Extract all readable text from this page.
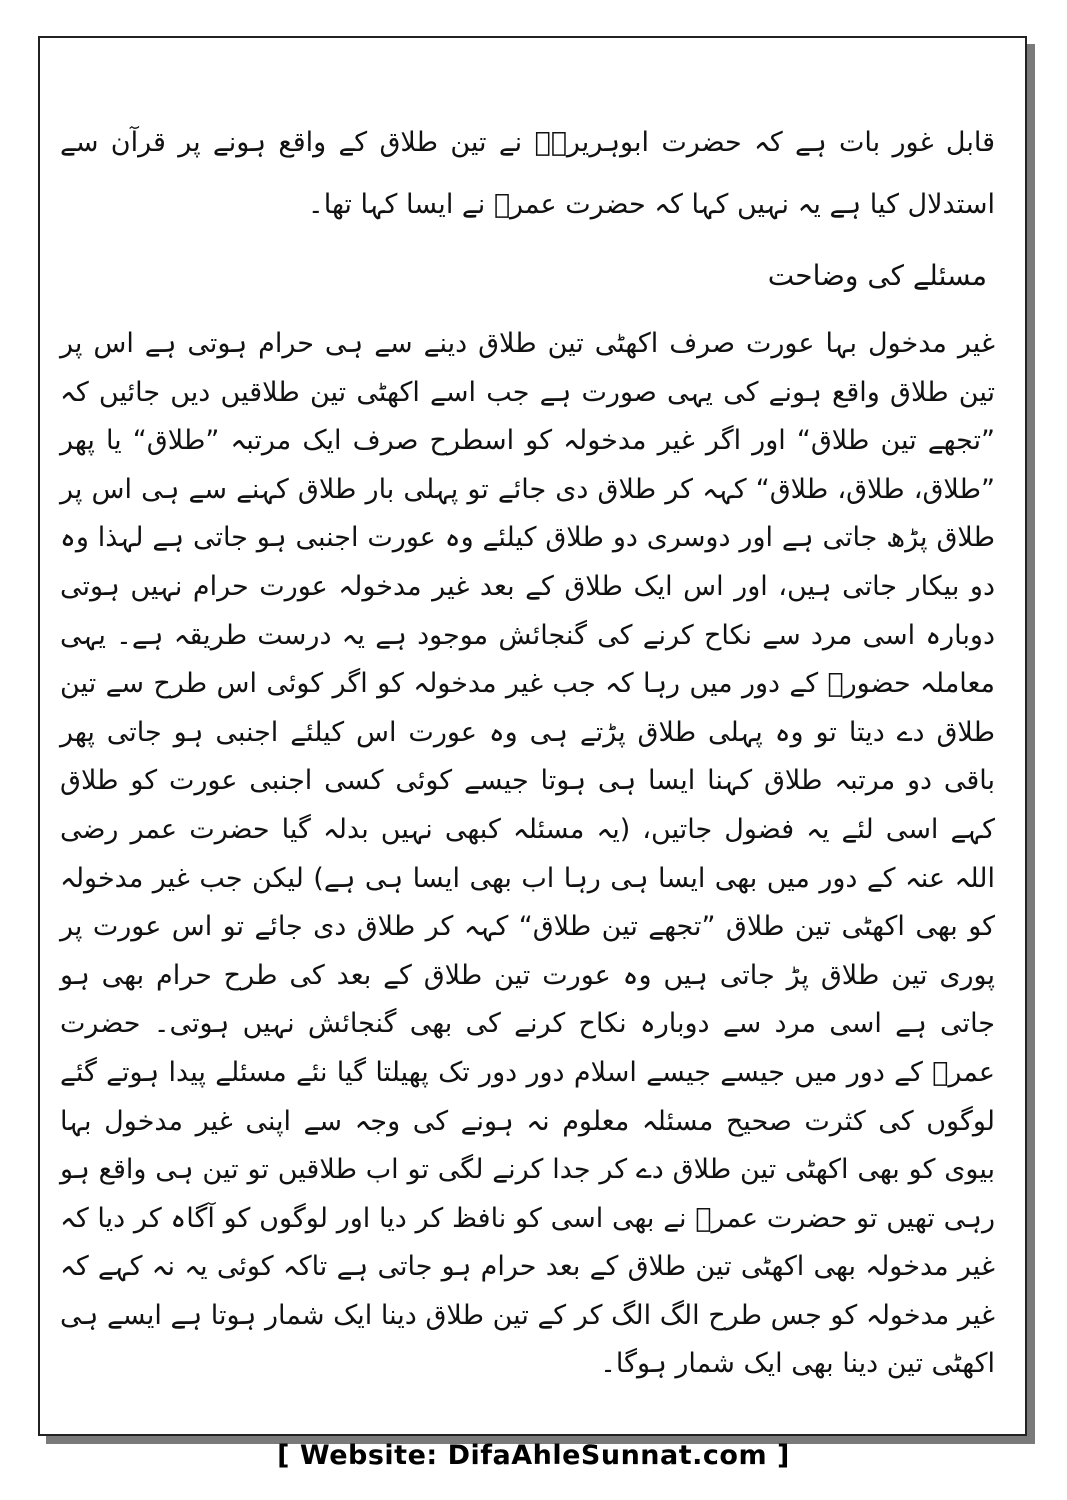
قابل غور بات ہے کہ حضرت ابوہریرہؓ نے تین طلاق کے واقع ہونے پر قرآن سے استدلال کیا ہے یہ نہیں کہا کہ حضرت عمرؓ نے ایسا کہا تھا۔

مسئلے کی وضاحت

غیر مدخول بہا عورت صرف اکھٹی تین طلاق دینے سے ہی حرام ہوتی ہے اس پر تین طلاق واقع ہونے کی یہی صورت ہے جب اسے اکھٹی تین طلاقیں دیں جائیں کہ ”تجھے تین طلاق“ اور اگر غیر مدخولہ کو اسطرح صرف ایک مرتبہ ”طلاق“ یا پھر ”طلاق، طلاق، طلاق“ کہہ کر طلاق دی جائے تو پہلی بار طلاق کہنے سے ہی اس پر طلاق پڑھ جاتی ہے اور دوسری دو طلاق کیلئے وہ عورت اجنبی ہو جاتی ہے لہذا وہ دو بیکار جاتی ہیں، اور اس ایک طلاق کے بعد غیر مدخولہ عورت حرام نہیں ہوتی دوبارہ اسی مرد سے نکاح کرنے کی گنجائش موجود ہے یہ درست طریقہ ہے۔ یہی معاملہ حضورؐ کے دور میں رہا کہ جب غیر مدخولہ کو اگر کوئی اس طرح سے تین طلاق دے دیتا تو وہ پہلی طلاق پڑتے ہی وہ عورت اس کیلئے اجنبی ہو جاتی پھر باقی دو مرتبہ طلاق کہنا ایسا ہی ہوتا جیسے کوئی کسی اجنبی عورت کو طلاق کہے اسی لئے یہ فضول جاتیں، (یہ مسئلہ کبھی نہیں بدلہ گیا حضرت عمر رضی اللہ عنہ کے دور میں بھی ایسا ہی رہا اب بھی ایسا ہی ہے) لیکن جب غیر مدخولہ کو بھی اکھٹی تین طلاق ”تجھے تین طلاق“ کہہ کر طلاق دی جائے تو اس عورت پر پوری تین طلاق پڑ جاتی ہیں وہ عورت تین طلاق کے بعد کی طرح حرام بھی ہو جاتی ہے اسی مرد سے دوبارہ نکاح کرنے کی بھی گنجائش نہیں ہوتی۔ حضرت عمرؓ کے دور میں جیسے جیسے اسلام دور دور تک پھیلتا گیا نئے مسئلے پیدا ہوتے گئے لوگوں کی کثرت صحیح مسئلہ معلوم نہ ہونے کی وجہ سے اپنی غیر مدخول بہا بیوی کو بھی اکھٹی تین طلاق دے کر جدا کرنے لگی تو اب طلاقیں تو تین ہی واقع ہو رہی تھیں تو حضرت عمرؓ نے بھی اسی کو نافظ کر دیا اور لوگوں کو آگاہ کر دیا کہ غیر مدخولہ بھی اکھٹی تین طلاق کے بعد حرام ہو جاتی ہے تاکہ کوئی یہ نہ کہے کہ غیر مدخولہ کو جس طرح الگ الگ کر کے تین طلاق دینا ایک شمار ہوتا ہے ایسے ہی اکھٹی تین دینا بھی ایک شمار ہوگا۔

[ Website: DifaAhleSunnat.com ]
